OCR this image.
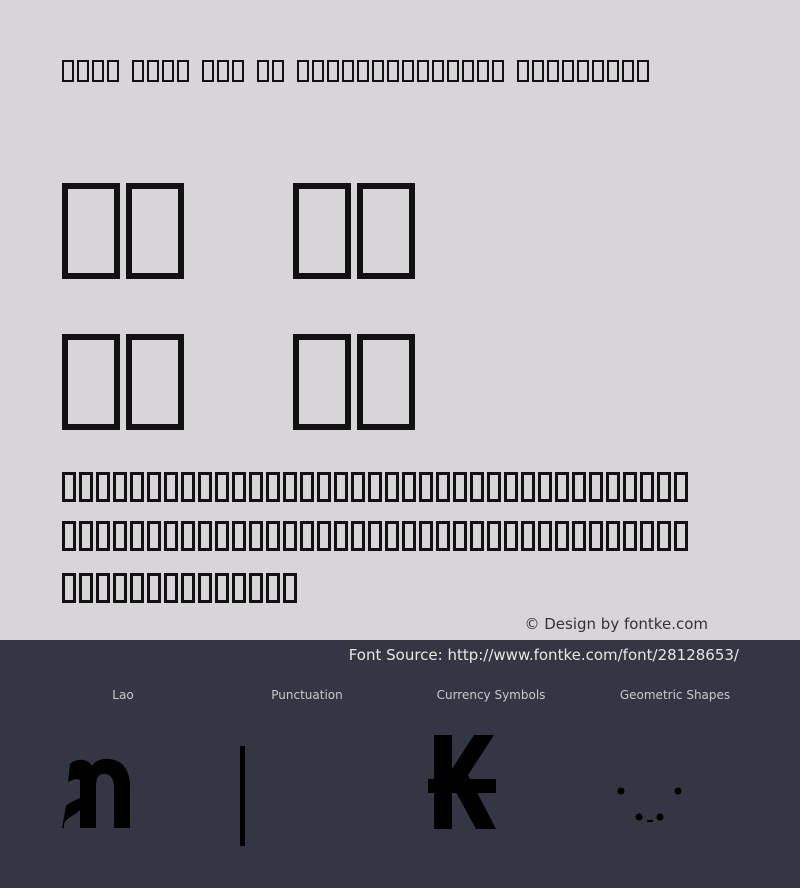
© Design by fontke.com
Font Source: http://www.fontke.com/font/28128653/
Lao	Punctuation	Currency Symbols	Geometric Shapes
